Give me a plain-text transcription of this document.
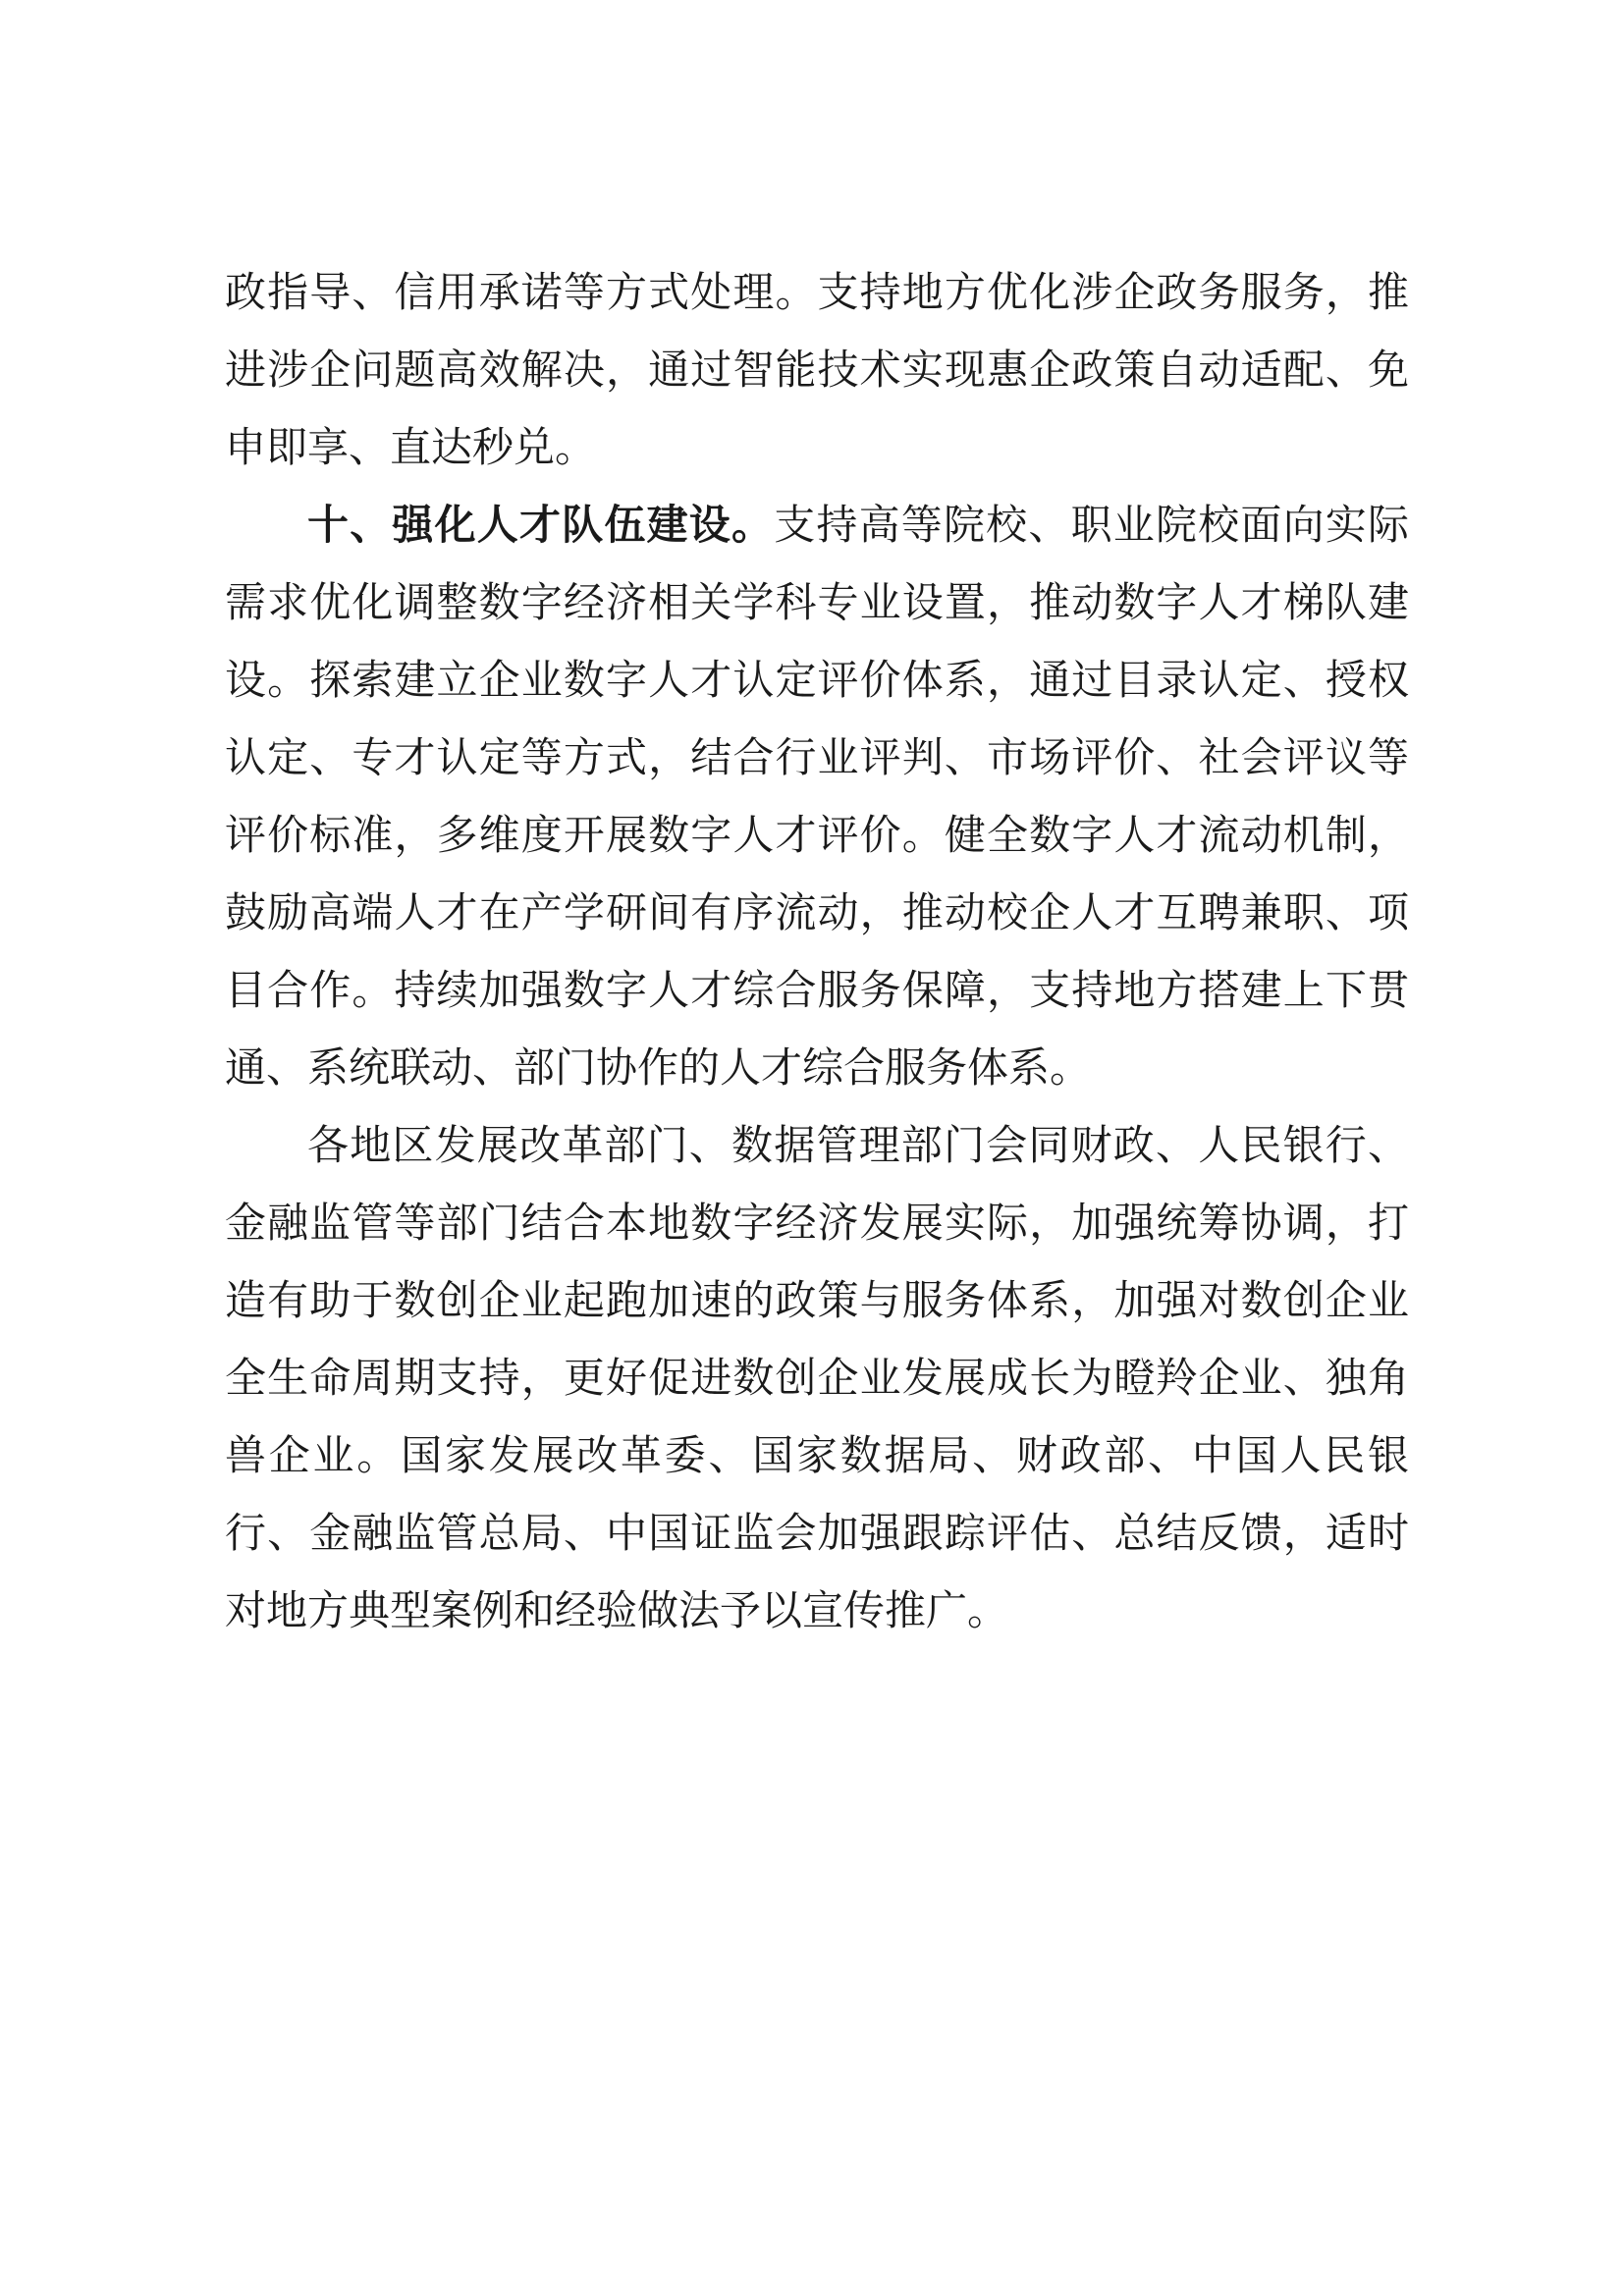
政指导、信用承诺等方式处理。支持地方优化涉企政务服务，推进涉企问题高效解决，通过智能技术实现惠企政策自动适配、免申即享、直达秒兑。

十、强化人才队伍建设。支持高等院校、职业院校面向实际需求优化调整数字经济相关学科专业设置，推动数字人才梯队建设。探索建立企业数字人才认定评价体系，通过目录认定、授权认定、专才认定等方式，结合行业评判、市场评价、社会评议等评价标准，多维度开展数字人才评价。健全数字人才流动机制，鼓励高端人才在产学研间有序流动，推动校企人才互聘兼职、项目合作。持续加强数字人才综合服务保障，支持地方搭建上下贯通、系统联动、部门协作的人才综合服务体系。

各地区发展改革部门、数据管理部门会同财政、人民银行、金融监管等部门结合本地数字经济发展实际，加强统筹协调，打造有助于数创企业起跑加速的政策与服务体系，加强对数创企业全生命周期支持，更好促进数创企业发展成长为瞪羚企业、独角兽企业。国家发展改革委、国家数据局、财政部、中国人民银行、金融监管总局、中国证监会加强跟踪评估、总结反馈，适时对地方典型案例和经验做法予以宣传推广。
